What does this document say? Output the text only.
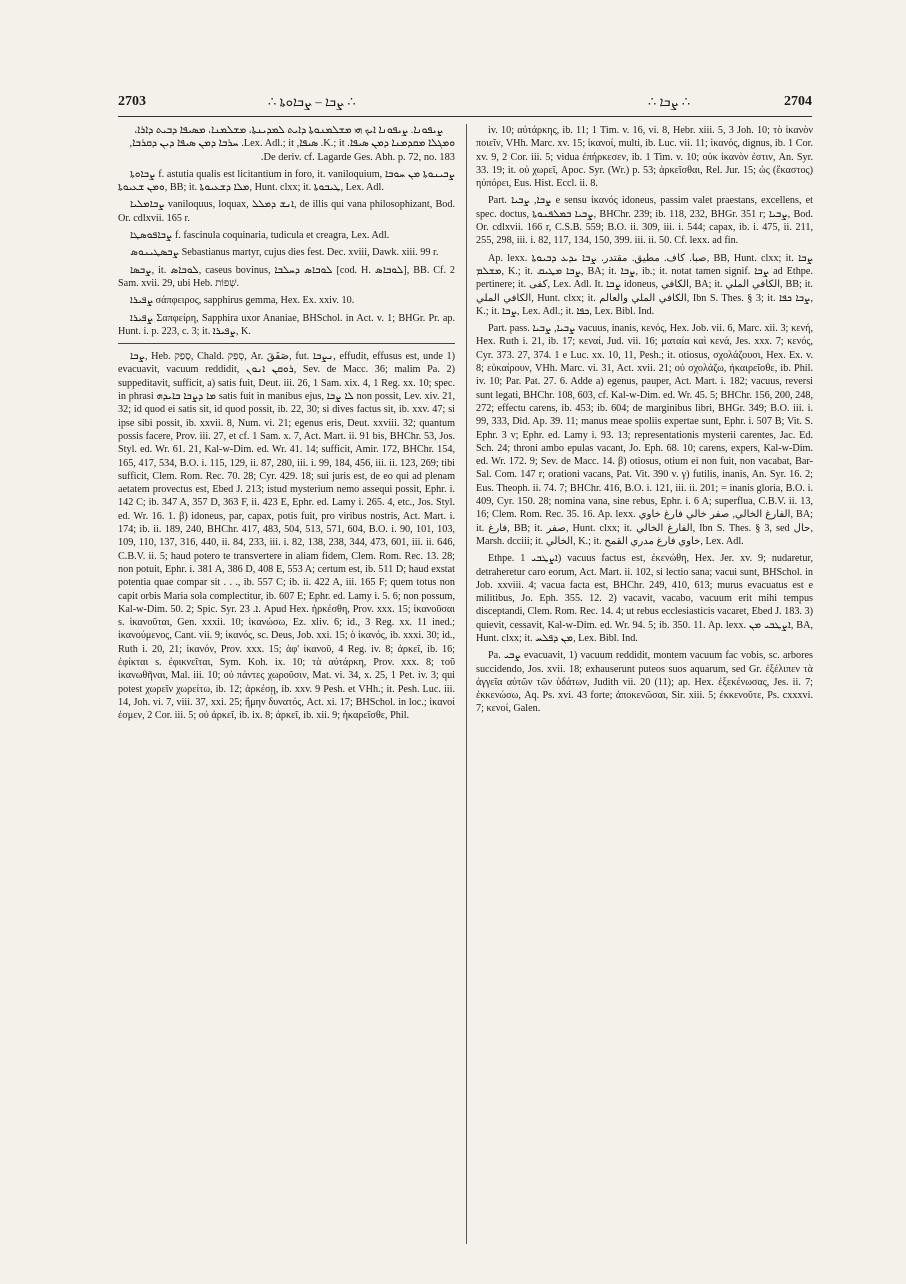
2703	∴ ܨܒܐ – ܨܒܐܘܬܐ ∴	∴ ܨܒܐ ∴	2704

ܨܝܦܘܢܐ. ܨܝܦܘܢܐ ܐܝܟ ܗܝ ܡܫܠܡܢܘܬܐ ܕܐܝܬ ܠܡܕܝܢܬܐ، ܡܫܠܡܢܐ، ܡܣܝܦܐ ܕܒܝܬ ܕܐܪܐ، ܘܡܓܠܐ ܡܩܕܡܢܐ ܕܡܢ ܣܝܦܐ. K.; it. ܣܝܦܐ, Lex. Adl.; it. ܚܪܒܐ ܕܡܢ ܣܝܦܐ ܕܝܢ ܕܩܪܒܐ, De deriv. cf. Lagarde Ges. Abh. p. 72, no. 183.

ܨܒܐܘܬܐ f. astutia qualis est licitantium in foro, it. vaniloquium, ܨܒܝܢܘܬܐ ܡܢ ܚܘܒܐ ܘܡܢ ܫܥܝܘܬܐ, BB; it. ܡܠܐ ܕܫܥܝܘܬܐ, Hunt. clxx; it. ܛܝܒܘܬܐ, Lex. Adl.

ܨܒܐܡܠܝܐ vaniloquus, loquax, ܐܢܫ ܕܡܠܠ, de illis qui vana philosophizant, Bod. Or. cdlxvii. 165 r.

ܨܒܐܦܘܣܛܐ f. fascinula coquinaria, tudicula et creagra, Lex. Adl.

ܨܒܣܛܝܢܘܣ Sebastianus martyr, cujus dies fest. Dec. xviii, Dawk. xiii. 99 r.

ܨܒܣܐ, it. ܠܘܒܐܣ, caseus bovinus, ܠܘܒܐܣ ܕܚܠܒܐ [cod. H. ܠܘܒܐܣ], BB. Cf. 2 Sam. xvii. 29, ubi Heb. שְׁפוֹת.

ܨܦܝܪܐ σάπφειρος, sapphirus gemma, Hex. Ex. xxiv. 10.

ܨܦܝܪܐ Σαπφείρη, Sapphira uxor Ananiae, BHSchol. in Act. v. 1; BHGr. Pr. ap. Hunt. i. p. 223, c. 3; it. ܨܦܝܪܐ, K.

ܨܒܐ, Heb. סָפַק, Chald. סְפַק, Ar. صَفَقَ, fut. ܢܨܒܐ, effudit, effusus est, unde 1) evacuavit, vacuum reddidit, ܪܘܩܢ ܐܢܘܢ, Sev. de Macc. 36; malim Pa. 2) suppeditavit, sufficit, a) satis fuit, Deut. iii. 26, 1 Sam. xix. 4, 1 Reg. xx. 10; spec. in phrasi ܡܐ ܕܨܒܐ ܒܐܝܕܗ satis fuit in manibus ejus, ܠܐ ܨܒܐ non possit, Lev. xiv. 21, 32; id quod ei satis sit, id quod possit, ib. 22, 30; si dives factus sit, ib. xxv. 47; si ipse sibi possit, ib. xxvii. 8, Num. vi. 21; egenus eris, Deut. xxviii. 32; quantum possis facere, Prov. iii. 27, et cf. 1 Sam. x. 7, Act. Mart. ii. 91 bis, BHChr. 53, Jos. Styl. ed. Wr. 61. 21, Kal-w-Dim. ed. Wr. 41. 14; sufficit, Amir. 172, BHChr. 154, 165, 417, 534, B.O. i. 115, 129, ii. 87, 280, iii. i. 99, 184, 456, iii. ii. 123, 269; tibi sufficit, Clem. Rom. Rec. 70. 28; Cyr. 429. 18; sui juris est, de eo qui ad plenam aetatem provectus est, Ebed J. 213; istud mysterium nemo assequi possit, Ephr. i. 142 C; ib. 347 A, 357 D, 363 F, ii. 423 E, Ephr. ed. Lamy i. 265. 4, etc., Jos. Styl. ed. Wr. 16. 1. β) idoneus, par, capax, potis fuit, pro viribus nostris, Act. Mart. i. 174; ib. ii. 189, 240, BHChr. 417, 483, 504, 513, 571, 604, B.O. i. 90, 101, 103, 109, 110, 137, 316, 440, ii. 84, 233, iii. i. 82, 138, 238, 344, 473, 601, iii. ii. 646, C.B.V. ii. 5; haud potero te transvertere in aliam fidem, Clem. Rom. Rec. 13. 28; non potuit, Ephr. i. 381 A, 386 D, 408 E, 553 A; certum est, ib. 511 D; haud exstat potentia quae compar sit . . ., ib. 557 C; ib. ii. 422 A, iii. 165 F; quem totus non capit orbis Maria sola complectitur, ib. 607 E; Ephr. ed. Lamy i. 5. 6; non possum, Kal-w-Dim. 50. 2; Spic. Syr. ܐ. 23. Apud Hex. ἠρκέσθη, Prov. xxx. 15; ἱκανοῦσαι s. ἱκανοῦται, Gen. xxxii. 10; ἱκανώσω, Ez. xliv. 6; id., 3 Reg. xx. 11 ined.; ἱκανούμενος, Cant. vii. 9; ἱκανός, sc. Deus, Job. xxi. 15; ὁ ἱκανός, ib. xxxi. 30; id., Ruth i. 20, 21; ἱκανόν, Prov. xxx. 15; ἀφ' ἱκανοῦ, 4 Reg. iv. 8; ἀρκεῖ, ib. 16; ἐφίκται s. ἐφικνεῖται, Sym. Koh. ix. 10; τὰ αὐτάρκη, Prov. xxx. 8; τοῦ ἱκανωθῆναι, Mal. iii. 10; οὐ πάντες χωροῦσιν, Mat. vi. 34, x. 25, 1 Pet. iv. 3; qui potest χωρεῖν χωρείτω, ib. 12; ἀρκέσῃ, ib. xxv. 9 Pesh. et VHh.; it. Pesh. Luc. iii. 14, Joh. vi. 7, viii. 37, xxi. 25; ἤμην δυνατός, Act. xi. 17; BHSchol. in loc.; ἱκανοί ἐσμεν, 2 Cor. iii. 5; οὐ ἀρκεῖ, ib. ix. 8; ἀρκεῖ, ib. xii. 9; ἠκαρεῖσθε, Phil.

iv. 10; αὐτάρκης, ib. 11; 1 Tim. v. 16, vi. 8, Hebr. xiii. 5, 3 Joh. 10; τὸ ἱκανὸν ποιεῖν, VHh. Marc. xv. 15; ἱκανοί, multi, ib. Luc. vii. 11; ἱκανός, dignus, ib. 1 Cor. xv. 9, 2 Cor. iii. 5; vidua ἐπήρκεσεν, ib. 1 Tim. v. 10; οὐκ ἱκανὸν ἐστιν, An. Syr. 33. 19; it. οὐ χωρεῖ, Apoc. Syr. (Wr.) p. 53; ἀρκεῖσθαι, Rel. Jur. 15; ὡς (ἕκαστος) ηὐπόρει, Eus. Hist. Eccl. ii. 8.

Part. ܨܒܐ, ܨܒܝܐ e sensu ἱκανός idoneus, passim valet praestans, excellens, et spec. doctus, ܨܒܝܐ ܒܡܠܦܢܘܬܐ, BHChr. 239; ib. 118, 232, BHGr. 351 r; ܨܒܝܐ, Bod. Or. cdlxvii. 166 r, C.S.B. 559; B.O. ii. 309, iii. i. 544; capax, ib. i. 475, ii. 211, 255, 298, iii. i. 82, 117, 134, 150, 399. iii. ii. 50. Cf. lexx. ad fin.

Ap. lexx. صبا. كاف. مطيق. مقتدر. ܨܒܐ ܝܕܥ ܕܒܝܘܬܐ, BB, Hunt. clxx; it. ܨܒܐ ܡܫܠܡ, K.; it. ܨܒܐ ܡܛܝܩ, BA; it. ܨܒܐ, ib.; it. notat tamen signif. ܨܒܐ ad Ethpe. pertinere; it. كفى, Lex. Adl. It. ܨܒܐ idoneus, الكافي, BA; it. الكافي الملي, BB; it. الكافي الملي, Hunt. clxx; it. الكافي الملي والعالم, Ibn S. Thes. § 3; it. ܨܒܐ ܟܦܐ, K.; it. ܨܒܐ, Lex. Adl.; it. ܟܦܐ, Lex. Bibl. Ind.

Part. pass. ܨܒܝܐ, ܨܒܝܐ vacuus, inanis, κενός, Hex. Job. vii. 6, Marc. xii. 3; κενή, Hex. Ruth i. 21, ib. 17; κεναί, Jud. vii. 16; ματαία καὶ κενά, Jes. xxx. 7; κενός, Cyr. 373. 27, 374. 1 e Luc. xx. 10, 11, Pesh.; it. otiosus, σχολάζουσι, Hex. Ex. v. 8; εὐκαίρουν, VHh. Marc. vi. 31, Act. xvii. 21; οὐ σχολάζω, ἠκαιρεῖσθε, ib. Phil. iv. 10; Par. Pat. 27. 6. Adde a) egenus, pauper, Act. Mart. i. 182; vacuus, reversi sunt legati, BHChr. 108, 603, cf. Kal-w-Dim. ed. Wr. 45. 5; BHChr. 156, 200, 248, 272; effectu carens, ib. 453; ib. 604; de marginibus libri, BHGr. 349; B.O. iii. i. 99, 333, Did. Ap. 39. 11; manus meae spoliis expertae sunt, Ephr. i. 507 B; Vit. S. Ephr. 3 v; Ephr. ed. Lamy i. 93. 13; representationis mysterii carentes, Jac. Ed. Sch. 24; throni ambo epulas vacant, Jo. Eph. 68. 10; carens, expers, Kal-w-Dim. ed. Wr. 172. 9; Sev. de Macc. 14. β) otiosus, otium ei non fuit, non vacabat, Bar-Sal. Com. 147 r; orationi vacans, Pat. Vit. 390 v. γ) futilis, inanis, An. Syr. 16. 2; Eus. Theoph. ii. 74. 7; BHChr. 416, B.O. i. 121, iii. ii. 201; = inanis gloria, B.O. i. 409, Cyr. 150. 28; nomina vana, sine rebus, Ephr. i. 6 A; superflua, C.B.V. ii. 13, 16; Clem. Rom. Rec. 35. 16. Ap. lexx. الفارغ الخالي, صفر خالي فارغ خاوي, BA; it. فارغ, BB; it. صفر, Hunt. clxx; it. الفارغ الخالي, Ibn S. Thes. § 3, sed حال, Marsh. dcciii; it. الخالي, K.; it. خاوي فارغ مدري القمح, Lex. Adl.

Ethpe. ܐܨܛܒܝ 1) vacuus factus est, ἐκενώθη, Hex. Jer. xv. 9; nudaretur, detraheretur caro eorum, Act. Mart. ii. 102, si lectio sana; vacui sunt, BHSchol. in Job. xxviii. 4; vacua facta est, BHChr. 249, 410, 613; murus evacuatus est e militibus, Jo. Eph. 355. 12. 2) vacavit, vacabo, vacuum erit mihi tempus disceptandi, Clem. Rom. Rec. 14. 4; ut rebus ecclesiasticis vacaret, Ebed J. 183. 3) quievit, cessavit, Kal-w-Dim. ed. Wr. 94. 5; ib. 350. 11. Ap. lexx. ܐܨܛܒܝ ܡܢ, BA, Hunt. clxx; it. ܡܢ ܕܦܠܚ, Lex. Bibl. Ind.

Pa. ܨܒܝ evacuavit, 1) vacuum reddidit, montem vacuum fac vobis, sc. arbores succidendo, Jos. xvii. 18; exhauserunt puteos suos aquarum, sed Gr. ἐξέλιπεν τὰ ἀγγεῖα αὐτῶν τῶν ὑδάτων, Judith vii. 20 (11); ap. Hex. ἐξεκένωσας, Jes. ii. 7; ἐκκενώσω, Aq. Ps. xvi. 43 forte; ἀποκενῶσαι, Sir. xiii. 5; ἐκκενοῦτε, Ps. cxxxvi. 7; κενοί, Galen.
